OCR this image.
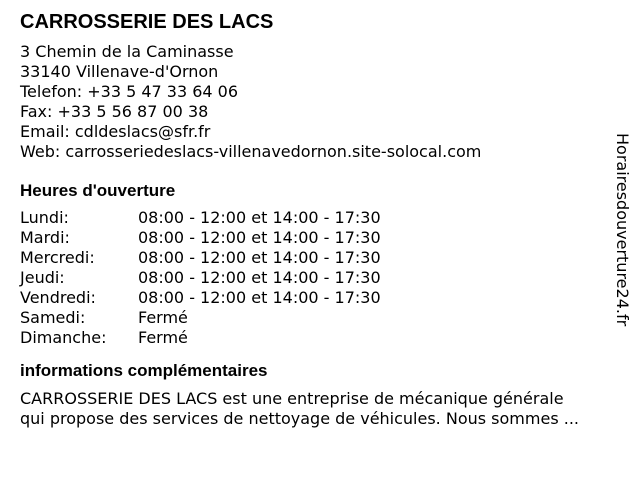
CARROSSERIE DES LACS
3 Chemin de la Caminasse
33140 Villenave-d'Ornon
Telefon: +33 5 47 33 64 06
Fax: +33 5 56 87 00 38
Email: cdldeslacs@sfr.fr
Web: carrosseriedeslacs-villenavedornon.site-solocal.com
Heures d'ouverture
Lundi:	08:00 - 12:00 et 14:00 - 17:30
Mardi:	08:00 - 12:00 et 14:00 - 17:30
Mercredi:	08:00 - 12:00 et 14:00 - 17:30
Jeudi:	08:00 - 12:00 et 14:00 - 17:30
Vendredi:	08:00 - 12:00 et 14:00 - 17:30
Samedi:	Fermé
Dimanche:	Fermé
informations complémentaires
CARROSSERIE DES LACS est une entreprise de mécanique générale
qui propose des services de nettoyage de véhicules. Nous sommes ...
Horairesdouverture24.fr
